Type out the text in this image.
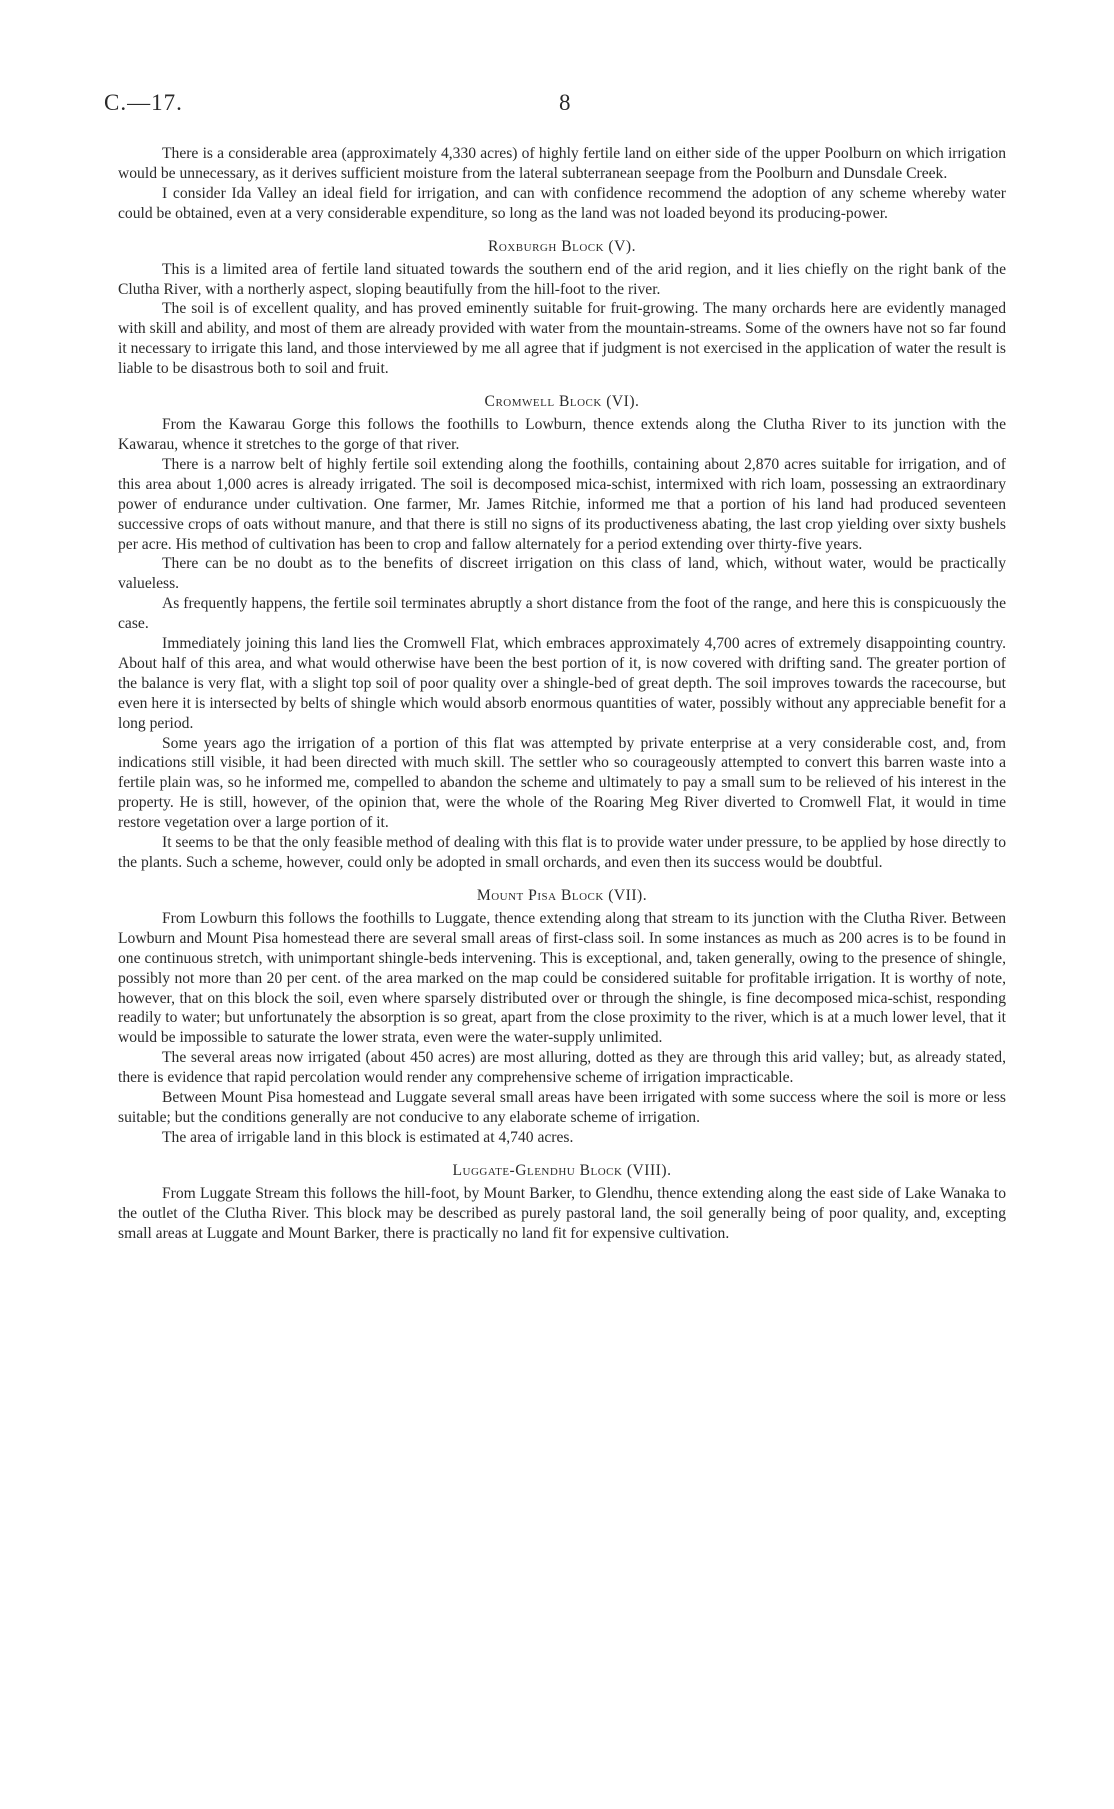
C.—17.	8

There is a considerable area (approximately 4,330 acres) of highly fertile land on either side of the upper Poolburn on which irrigation would be unnecessary, as it derives sufficient moisture from the lateral subterranean seepage from the Poolburn and Dunsdale Creek.

I consider Ida Valley an ideal field for irrigation, and can with confidence recommend the adoption of any scheme whereby water could be obtained, even at a very considerable expenditure, so long as the land was not loaded beyond its producing-power.

Roxburgh Block (V).

This is a limited area of fertile land situated towards the southern end of the arid region, and it lies chiefly on the right bank of the Clutha River, with a northerly aspect, sloping beautifully from the hill-foot to the river.

The soil is of excellent quality, and has proved eminently suitable for fruit-growing. The many orchards here are evidently managed with skill and ability, and most of them are already provided with water from the mountain-streams. Some of the owners have not so far found it necessary to irrigate this land, and those interviewed by me all agree that if judgment is not exercised in the application of water the result is liable to be disastrous both to soil and fruit.

Cromwell Block (VI).

From the Kawarau Gorge this follows the foothills to Lowburn, thence extends along the Clutha River to its junction with the Kawarau, whence it stretches to the gorge of that river.

There is a narrow belt of highly fertile soil extending along the foothills, containing about 2,870 acres suitable for irrigation, and of this area about 1,000 acres is already irrigated. The soil is decomposed mica-schist, intermixed with rich loam, possessing an extraordinary power of endurance under cultivation. One farmer, Mr. James Ritchie, informed me that a portion of his land had produced seventeen successive crops of oats without manure, and that there is still no signs of its productiveness abating, the last crop yielding over sixty bushels per acre. His method of cultivation has been to crop and fallow alternately for a period extending over thirty-five years.

There can be no doubt as to the benefits of discreet irrigation on this class of land, which, without water, would be practically valueless.

As frequently happens, the fertile soil terminates abruptly a short distance from the foot of the range, and here this is conspicuously the case.

Immediately joining this land lies the Cromwell Flat, which embraces approximately 4,700 acres of extremely disappointing country. About half of this area, and what would otherwise have been the best portion of it, is now covered with drifting sand. The greater portion of the balance is very flat, with a slight top soil of poor quality over a shingle-bed of great depth. The soil improves towards the racecourse, but even here it is intersected by belts of shingle which would absorb enormous quantities of water, possibly without any appreciable benefit for a long period.

Some years ago the irrigation of a portion of this flat was attempted by private enterprise at a very considerable cost, and, from indications still visible, it had been directed with much skill. The settler who so courageously attempted to convert this barren waste into a fertile plain was, so he informed me, compelled to abandon the scheme and ultimately to pay a small sum to be relieved of his interest in the property. He is still, however, of the opinion that, were the whole of the Roaring Meg River diverted to Cromwell Flat, it would in time restore vegetation over a large portion of it.

It seems to be that the only feasible method of dealing with this flat is to provide water under pressure, to be applied by hose directly to the plants. Such a scheme, however, could only be adopted in small orchards, and even then its success would be doubtful.

Mount Pisa Block (VII).

From Lowburn this follows the foothills to Luggate, thence extending along that stream to its junction with the Clutha River. Between Lowburn and Mount Pisa homestead there are several small areas of first-class soil. In some instances as much as 200 acres is to be found in one continuous stretch, with unimportant shingle-beds intervening. This is exceptional, and, taken generally, owing to the presence of shingle, possibly not more than 20 per cent. of the area marked on the map could be considered suitable for profitable irrigation. It is worthy of note, however, that on this block the soil, even where sparsely distributed over or through the shingle, is fine decomposed mica-schist, responding readily to water; but unfortunately the absorption is so great, apart from the close proximity to the river, which is at a much lower level, that it would be impossible to saturate the lower strata, even were the water-supply unlimited.

The several areas now irrigated (about 450 acres) are most alluring, dotted as they are through this arid valley; but, as already stated, there is evidence that rapid percolation would render any comprehensive scheme of irrigation impracticable.

Between Mount Pisa homestead and Luggate several small areas have been irrigated with some success where the soil is more or less suitable; but the conditions generally are not conducive to any elaborate scheme of irrigation.

The area of irrigable land in this block is estimated at 4,740 acres.

Luggate-Glendhu Block (VIII).

From Luggate Stream this follows the hill-foot, by Mount Barker, to Glendhu, thence extending along the east side of Lake Wanaka to the outlet of the Clutha River. This block may be described as purely pastoral land, the soil generally being of poor quality, and, excepting small areas at Luggate and Mount Barker, there is practically no land fit for expensive cultivation.
